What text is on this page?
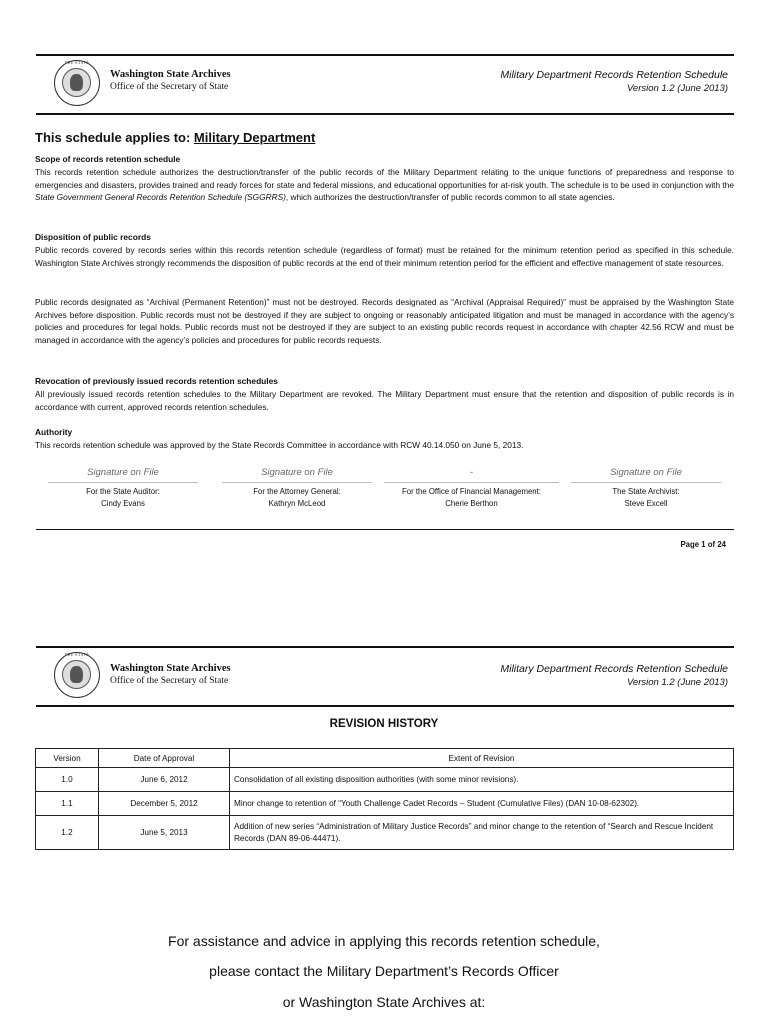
THE STATE
Washington State Archives
Office of the Secretary of State
Military Department Records Retention Schedule
Version 1.2 (June 2013)
This schedule applies to: Military Department
Scope of records retention schedule
This records retention schedule authorizes the destruction/transfer of the public records of the Military Department relating to the unique functions of preparedness and response to emergencies and disasters, provides trained and ready forces for state and federal missions, and educational opportunities for at-risk youth. The schedule is to be used in conjunction with the State Government General Records Retention Schedule (SGGRRS), which authorizes the destruction/transfer of public records common to all state agencies.
Disposition of public records
Public records covered by records series within this records retention schedule (regardless of format) must be retained for the minimum retention period as specified in this schedule. Washington State Archives strongly recommends the disposition of public records at the end of their minimum retention period for the efficient and effective management of state resources.
Public records designated as “Archival (Permanent Retention)” must not be destroyed. Records designated as “Archival (Appraisal Required)” must be appraised by the Washington State Archives before disposition. Public records must not be destroyed if they are subject to ongoing or reasonably anticipated litigation and must be managed in accordance with the agency’s policies and procedures for legal holds. Public records must not be destroyed if they are subject to an existing public records request in accordance with chapter 42.56 RCW and must be managed in accordance with the agency’s policies and procedures for public records requests.
Revocation of previously issued records retention schedules
All previously issued records retention schedules to the Military Department are revoked. The Military Department must ensure that the retention and disposition of public records is in accordance with current, approved records retention schedules.
Authority
This records retention schedule was approved by the State Records Committee in accordance with RCW 40.14.050 on June 5, 2013.
Signature on File
For the State Auditor:
Cindy Evans
Signature on File
For the Attorney General:
Kathryn McLeod
-
For the Office of Financial Management:
Cherie Berthon
Signature on File
The State Archivist:
Steve Excell
Page 1 of 24
THE STATE
Washington State Archives
Office of the Secretary of State
Military Department Records Retention Schedule
Version 1.2 (June 2013)
REVISION HISTORY
Version	Date of Approval	Extent of Revision
1.0	June 6, 2012	Consolidation of all existing disposition authorities (with some minor revisions).
1.1	December 5, 2012	Minor change to retention of “Youth Challenge Cadet Records – Student (Cumulative Files) (DAN 10-08-62302).
1.2	June 5, 2013	Addition of new series “Administration of Military Justice Records” and minor change to the retention of “Search and Rescue Incident Records (DAN 89-06-44471).
For assistance and advice in applying this records retention schedule,
please contact the Military Department’s Records Officer
or Washington State Archives at:
